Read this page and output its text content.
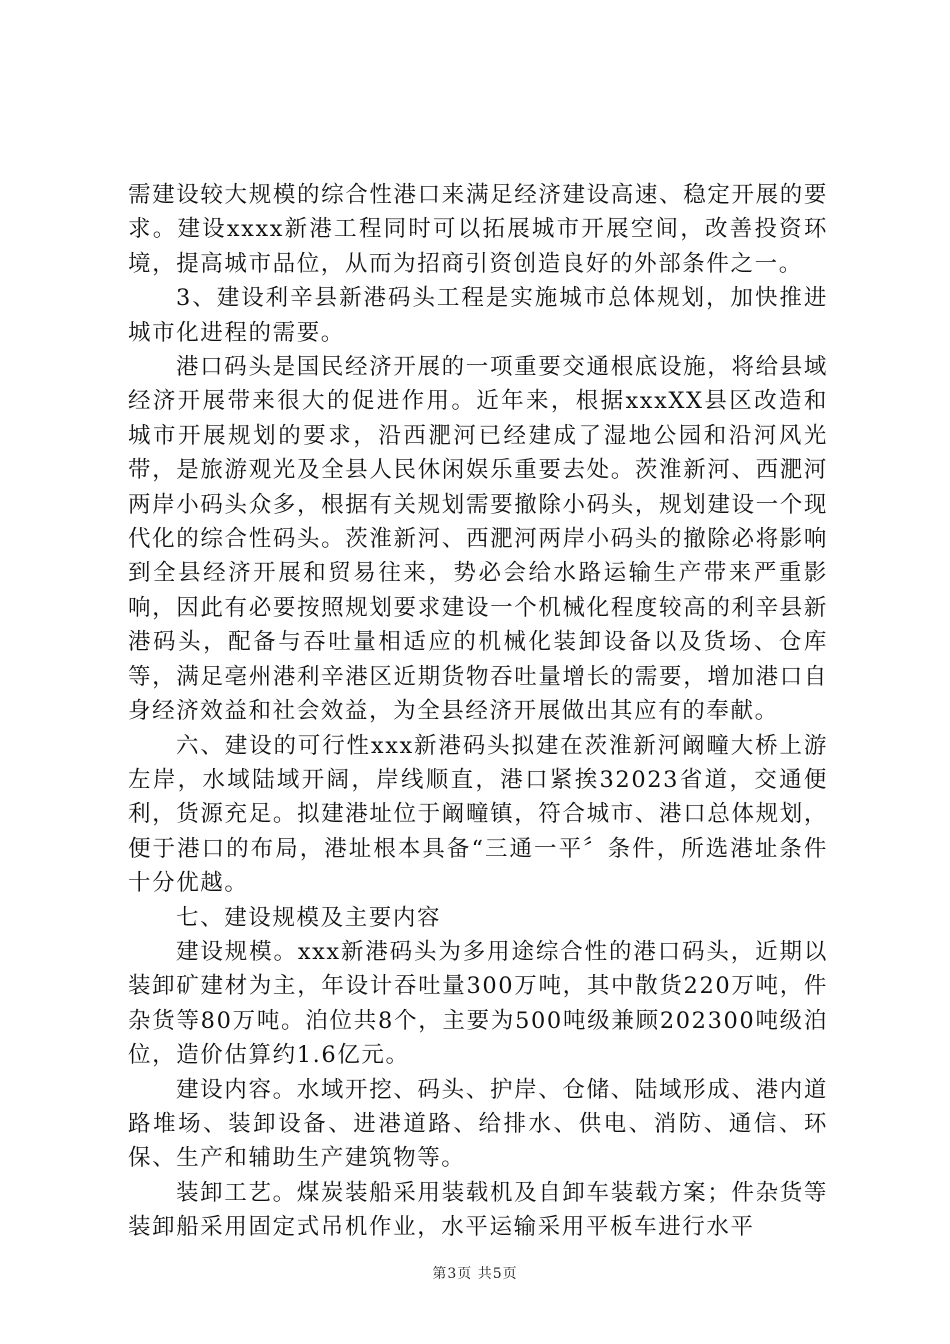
需建设较大规模的综合性港口来满足经济建设高速、稳定开展的要求。建设xxxx新港工程同时可以拓展城市开展空间，改善投资环境，提高城市品位，从而为招商引资创造良好的外部条件之一。

3、建设利辛县新港码头工程是实施城市总体规划，加快推进城市化进程的需要。

港口码头是国民经济开展的一项重要交通根底设施，将给县域经济开展带来很大的促进作用。近年来，根据xxxXX县区改造和城市开展规划的要求，沿西淝河已经建成了湿地公园和沿河风光带，是旅游观光及全县人民休闲娱乐重要去处。茨淮新河、西淝河两岸小码头众多，根据有关规划需要撤除小码头，规划建设一个现代化的综合性码头。茨淮新河、西淝河两岸小码头的撤除必将影响到全县经济开展和贸易往来，势必会给水路运输生产带来严重影响，因此有必要按照规划要求建设一个机械化程度较高的利辛县新港码头，配备与吞吐量相适应的机械化装卸设备以及货场、仓库等，满足亳州港利辛港区近期货物吞吐量增长的需要，增加港口自身经济效益和社会效益，为全县经济开展做出其应有的奉献。

六、建设的可行性xxx新港码头拟建在茨淮新河阚疃大桥上游左岸，水域陆域开阔，岸线顺直，港口紧挨32023省道，交通便利，货源充足。拟建港址位于阚疃镇，符合城市、港口总体规划，便于港口的布局，港址根本具备“三通一平〞条件，所选港址条件十分优越。

七、建设规模及主要内容

建设规模。xxx新港码头为多用途综合性的港口码头，近期以装卸矿建材为主，年设计吞吐量300万吨，其中散货220万吨，件杂货等80万吨。泊位共8个，主要为500吨级兼顾202300吨级泊位，造价估算约1.6亿元。

建设内容。水域开挖、码头、护岸、仓储、陆域形成、港内道路堆场、装卸设备、进港道路、给排水、供电、消防、通信、环保、生产和辅助生产建筑物等。

装卸工艺。煤炭装船采用装载机及自卸车装载方案；件杂货等装卸船采用固定式吊机作业，水平运输采用平板车进行水平

第3页 共5页
